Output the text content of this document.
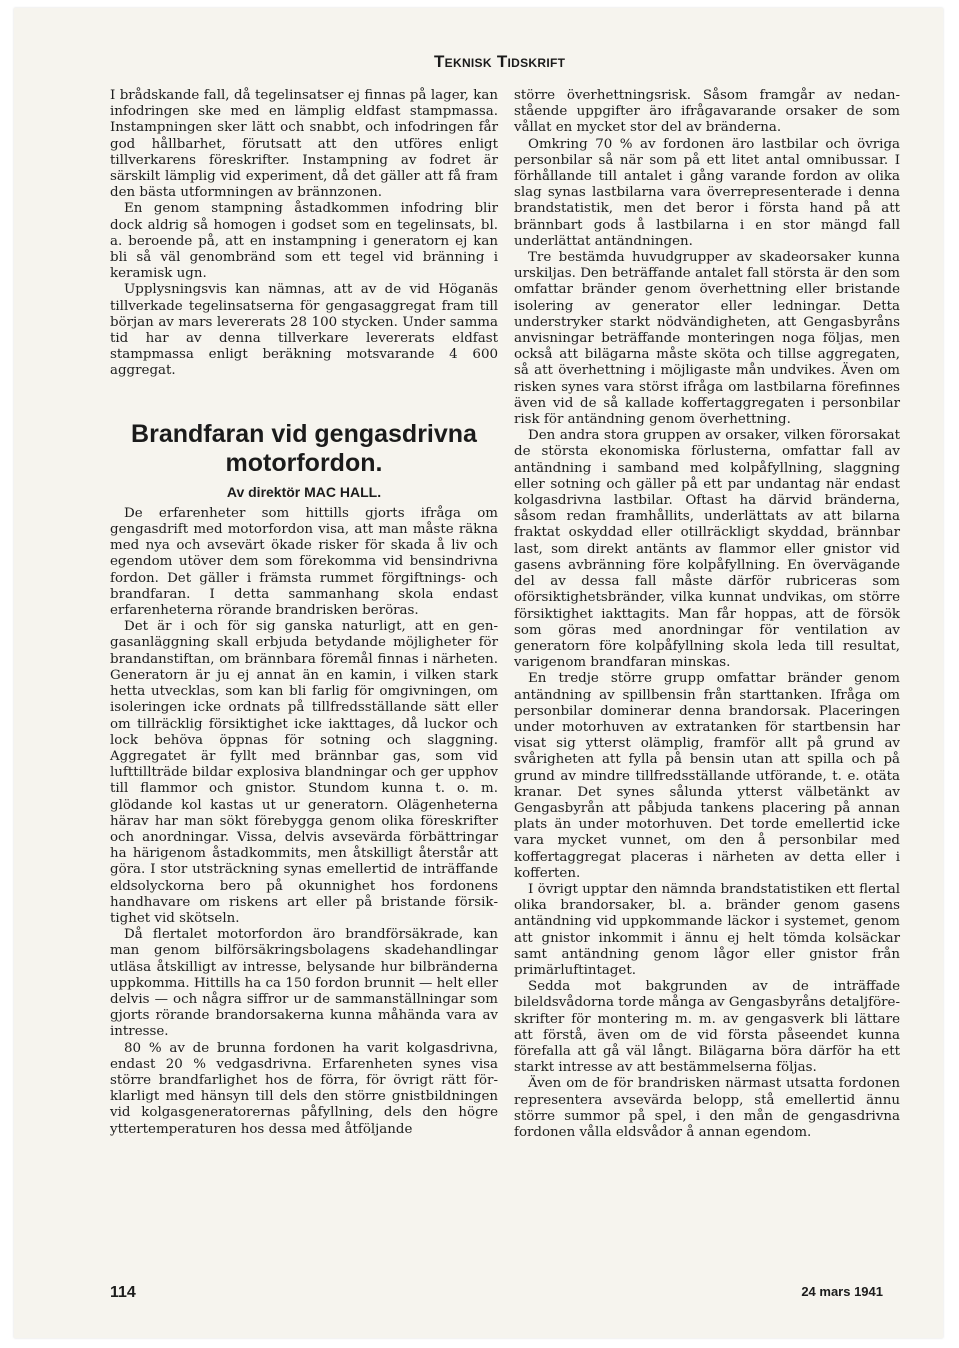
Teknisk Tidskrift

I brådskande fall, då tegelinsatser ej finnas på lager, kan infodringen ske med en lämplig eldfast stampmassa. Instampningen sker lätt och snabbt, och infodringen får god hållbarhet, förutsatt att den utföres enligt tillverkarens föreskrifter. Instampning av fodret är särskilt lämplig vid experiment, då det gäller att få fram den bästa utformningen av brännzonen.

En genom stampning åstadkommen infodring blir dock aldrig så homogen i godset som en tegelinsats, bl. a. beroende på, att en instampning i generatorn ej kan bli så väl genombränd som ett tegel vid bränning i keramisk ugn.

Upplysningsvis kan nämnas, att av de vid Höganäs tillverkade tegelinsatserna för gengasaggregat fram till början av mars levererats 28 100 stycken. Under samma tid har av denna tillverkare levererats eldfast stampmassa enligt beräkning motsvarande 4 600 aggregat.

Brandfaran vid gengasdrivna motorfordon.
Av direktör MAC HALL.

De erfarenheter som hittills gjorts ifråga om gengasdrift med motorfordon visa, att man måste räkna med nya och avsevärt ökade risker för skada å liv och egendom utöver dem som förekomma vid bensindrivna fordon. Det gäller i främsta rummet förgiftnings- och brandfaran. I detta sammanhang skola endast erfarenheterna rörande brandrisken beröras.

Det är i och för sig ganska naturligt, att en gengasanläggning skall erbjuda betydande möjligheter för brandanstiftan, om brännbara föremål finnas i närheten. Generatorn är ju ej annat än en kamin, i vilken stark hetta utvecklas, som kan bli farlig för omgivningen, om isoleringen icke ordnats på tillfredsställande sätt eller om tillräcklig försiktighet icke iakttages, då luckor och lock behöva öppnas för sotning och slaggning. Aggregatet är fyllt med brännbar gas, som vid lufttillträde bildar explosiva blandningar och ger upphov till flammor och gnistor. Stundom kunna t. o. m. glödande kol kastas ut ur generatorn. Olägenheterna härav har man sökt förebygga genom olika föreskrifter och anordningar. Vissa, delvis avsevärda förbättringar ha härigenom åstadkommits, men åtskilligt återstår att göra. I stor utsträckning synas emellertid de inträffande eldsolyckorna bero på okunnighet hos fordonens handhavare om riskens art eller på bristande försiktighet vid skötseln.

Då flertalet motorfordon äro brandförsäkrade, kan man genom bilförsäkringsbolagens skadehandlingar utläsa åtskilligt av intresse, belysande hur bilbränderna uppkomma. Hittills ha ca 150 fordon brunnit — helt eller delvis — och några siffror ur de sammanställningar som gjorts rörande brandorsakerna kunna måhända vara av intresse.

80 % av de brunna fordonen ha varit kolgasdrivna, endast 20 % vedgasdrivna. Erfarenheten synes visa större brandfarlighet hos de förra, för övrigt rätt förklarligt med hänsyn till dels den större gnistbildningen vid kolgasgeneratorernas påfyllning, dels den högre yttertemperaturen hos dessa med åtföljande

större överhettningsrisk. Såsom framgår av nedanstående uppgifter äro ifrågavarande orsaker de som vållat en mycket stor del av bränderna.

Omkring 70 % av fordonen äro lastbilar och övriga personbilar så när som på ett litet antal omnibussar. I förhållande till antalet i gång varande fordon av olika slag synas lastbilarna vara överrepresenterade i denna brandstatistik, men det beror i första hand på att brännbart gods å lastbilarna i en stor mängd fall underlättat antändningen.

Tre bestämda huvudgrupper av skadeorsaker kunna urskiljas. Den beträffande antalet fall största är den som omfattar bränder genom överhettning eller bristande isolering av generator eller ledningar. Detta understryker starkt nödvändigheten, att Gengasbyråns anvisningar beträffande monteringen noga följas, men också att bilägarna måste sköta och tillse aggregaten, så att överhettning i möjligaste mån undvikes. Även om risken synes vara störst ifråga om lastbilarna förefinnes även vid de så kallade koffertaggregaten i personbilar risk för antändning genom överhettning.

Den andra stora gruppen av orsaker, vilken förorsakat de största ekonomiska förlusterna, omfattar fall av antändning i samband med kolpåfyllning, slaggning eller sotning och gäller på ett par undantag när endast kolgasdrivna lastbilar. Oftast ha därvid bränderna, såsom redan framhållits, underlättats av att bilarna fraktat oskyddad eller otillräckligt skyddad, brännbar last, som direkt antänts av flammor eller gnistor vid gasens avbränning före kolpåfyllning. En övervägande del av dessa fall måste därför rubriceras som oförsiktighetsbränder, vilka kunnat undvikas, om större försiktighet iakttagits. Man får hoppas, att de försök som göras med anordningar för ventilation av generatorn före kolpåfyllning skola leda till resultat, varigenom brandfaran minskas.

En tredje större grupp omfattar bränder genom antändning av spillbensin från starttanken. Ifråga om personbilar dominerar denna brandorsak. Placeringen under motorhuven av extratanken för startbensin har visat sig ytterst olämplig, framför allt på grund av svårigheten att fylla på bensin utan att spilla och på grund av mindre tillfredsställande utförande, t. e. otäta kranar. Det synes sålunda ytterst välbetänkt av Gengasbyrån att påbjuda tankens placering på annan plats än under motorhuven. Det torde emellertid icke vara mycket vunnet, om den å personbilar med koffertaggregat placeras i närheten av detta eller i kofferten.

I övrigt upptar den nämnda brandstatistiken ett flertal olika brandorsaker, bl. a. bränder genom gasens antändning vid uppkommande läckor i systemet, genom att gnistor inkommit i ännu ej helt tömda kolsäckar samt antändning genom lågor eller gnistor från primärluftintaget.

Sedda mot bakgrunden av de inträffade bileldsvådorna torde många av Gengasbyråns detaljföreskrifter för montering m. m. av gengasverk bli lättare att förstå, även om de vid första påseendet kunna förefalla att gå väl långt. Bilägarna böra därför ha ett starkt intresse av att bestämmelserna följas.

Även om de för brandrisken närmast utsatta fordonen representera avsevärda belopp, stå emellertid ännu större summor på spel, i den mån de gengasdrivna fordonen vålla eldsvådor å annan egendom.

114	24 mars 1941
